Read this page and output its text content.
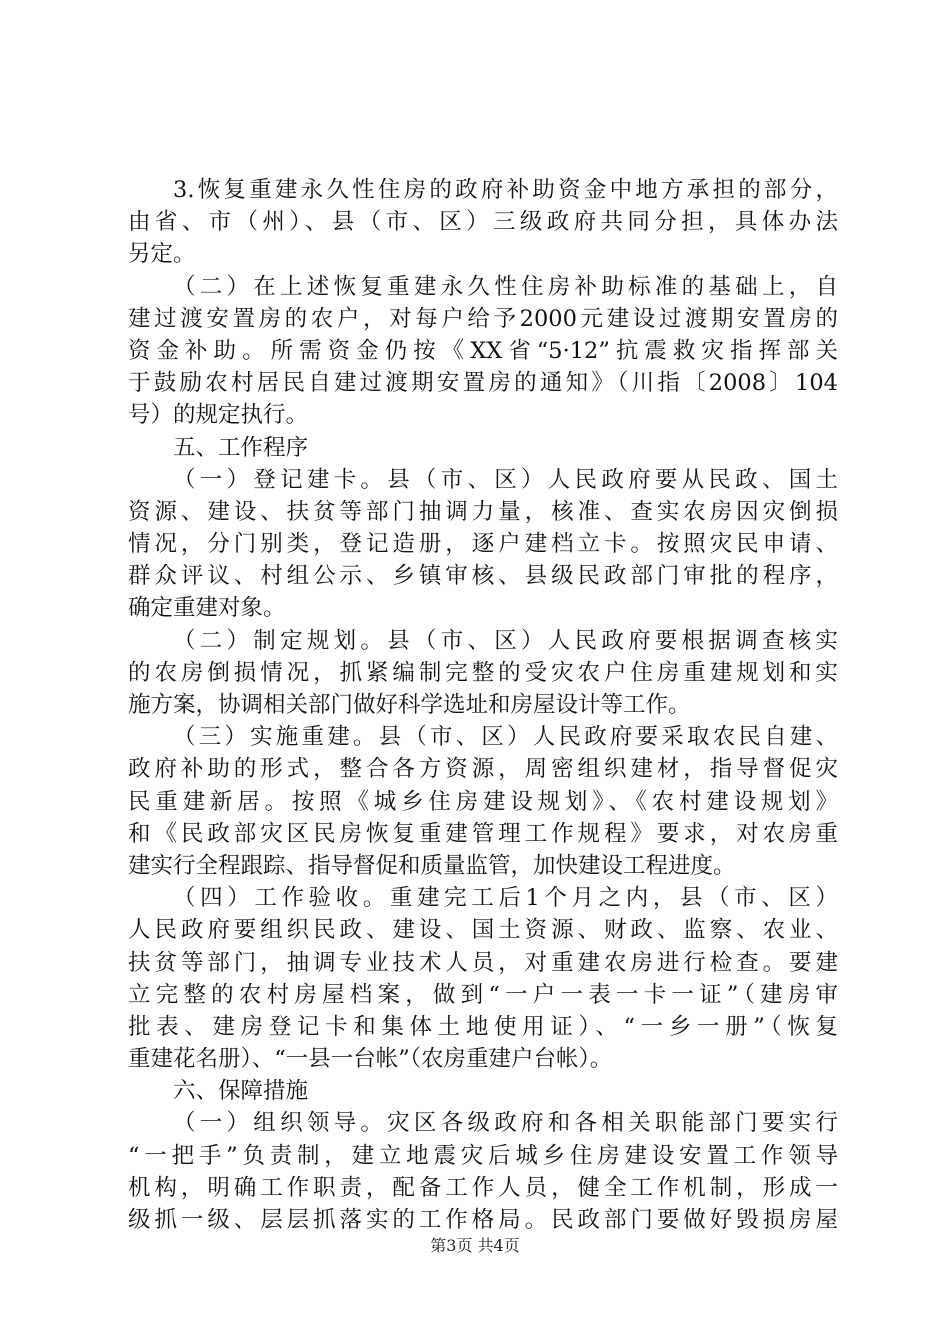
3.恢复重建永久性住房的政府补助资金中地方承担的部分，
由省、市（州）、县（市、区）三级政府共同分担，具体办法
另定。
（二）在上述恢复重建永久性住房补助标准的基础上，自
建过渡安置房的农户，对每户给予2000元建设过渡期安置房的
资金补助。所需资金仍按《XX省“5·12”抗震救灾指挥部关
于鼓励农村居民自建过渡期安置房的通知》（川指〔2008〕104
号）的规定执行。
五、工作程序
（一）登记建卡。县（市、区）人民政府要从民政、国土
资源、建设、扶贫等部门抽调力量，核准、查实农房因灾倒损
情况，分门别类，登记造册，逐户建档立卡。按照灾民申请、
群众评议、村组公示、乡镇审核、县级民政部门审批的程序，
确定重建对象。
（二）制定规划。县（市、区）人民政府要根据调查核实
的农房倒损情况，抓紧编制完整的受灾农户住房重建规划和实
施方案，协调相关部门做好科学选址和房屋设计等工作。
（三）实施重建。县（市、区）人民政府要采取农民自建、
政府补助的形式，整合各方资源，周密组织建材，指导督促灾
民重建新居。按照《城乡住房建设规划》、《农村建设规划》
和《民政部灾区民房恢复重建管理工作规程》要求，对农房重
建实行全程跟踪、指导督促和质量监管，加快建设工程进度。
（四）工作验收。重建完工后1个月之内，县（市、区）
人民政府要组织民政、建设、国土资源、财政、监察、农业、
扶贫等部门，抽调专业技术人员，对重建农房进行检查。要建
立完整的农村房屋档案，做到“一户一表一卡一证”（建房审
批表、建房登记卡和集体土地使用证）、“一乡一册”（恢复
重建花名册）、“一县一台帐”（农房重建户台帐）。
六、保障措施
（一）组织领导。灾区各级政府和各相关职能部门要实行
“一把手”负责制，建立地震灾后城乡住房建设安置工作领导
机构，明确工作职责，配备工作人员，健全工作机制，形成一
级抓一级、层层抓落实的工作格局。民政部门要做好毁损房屋
第3页 共4页
